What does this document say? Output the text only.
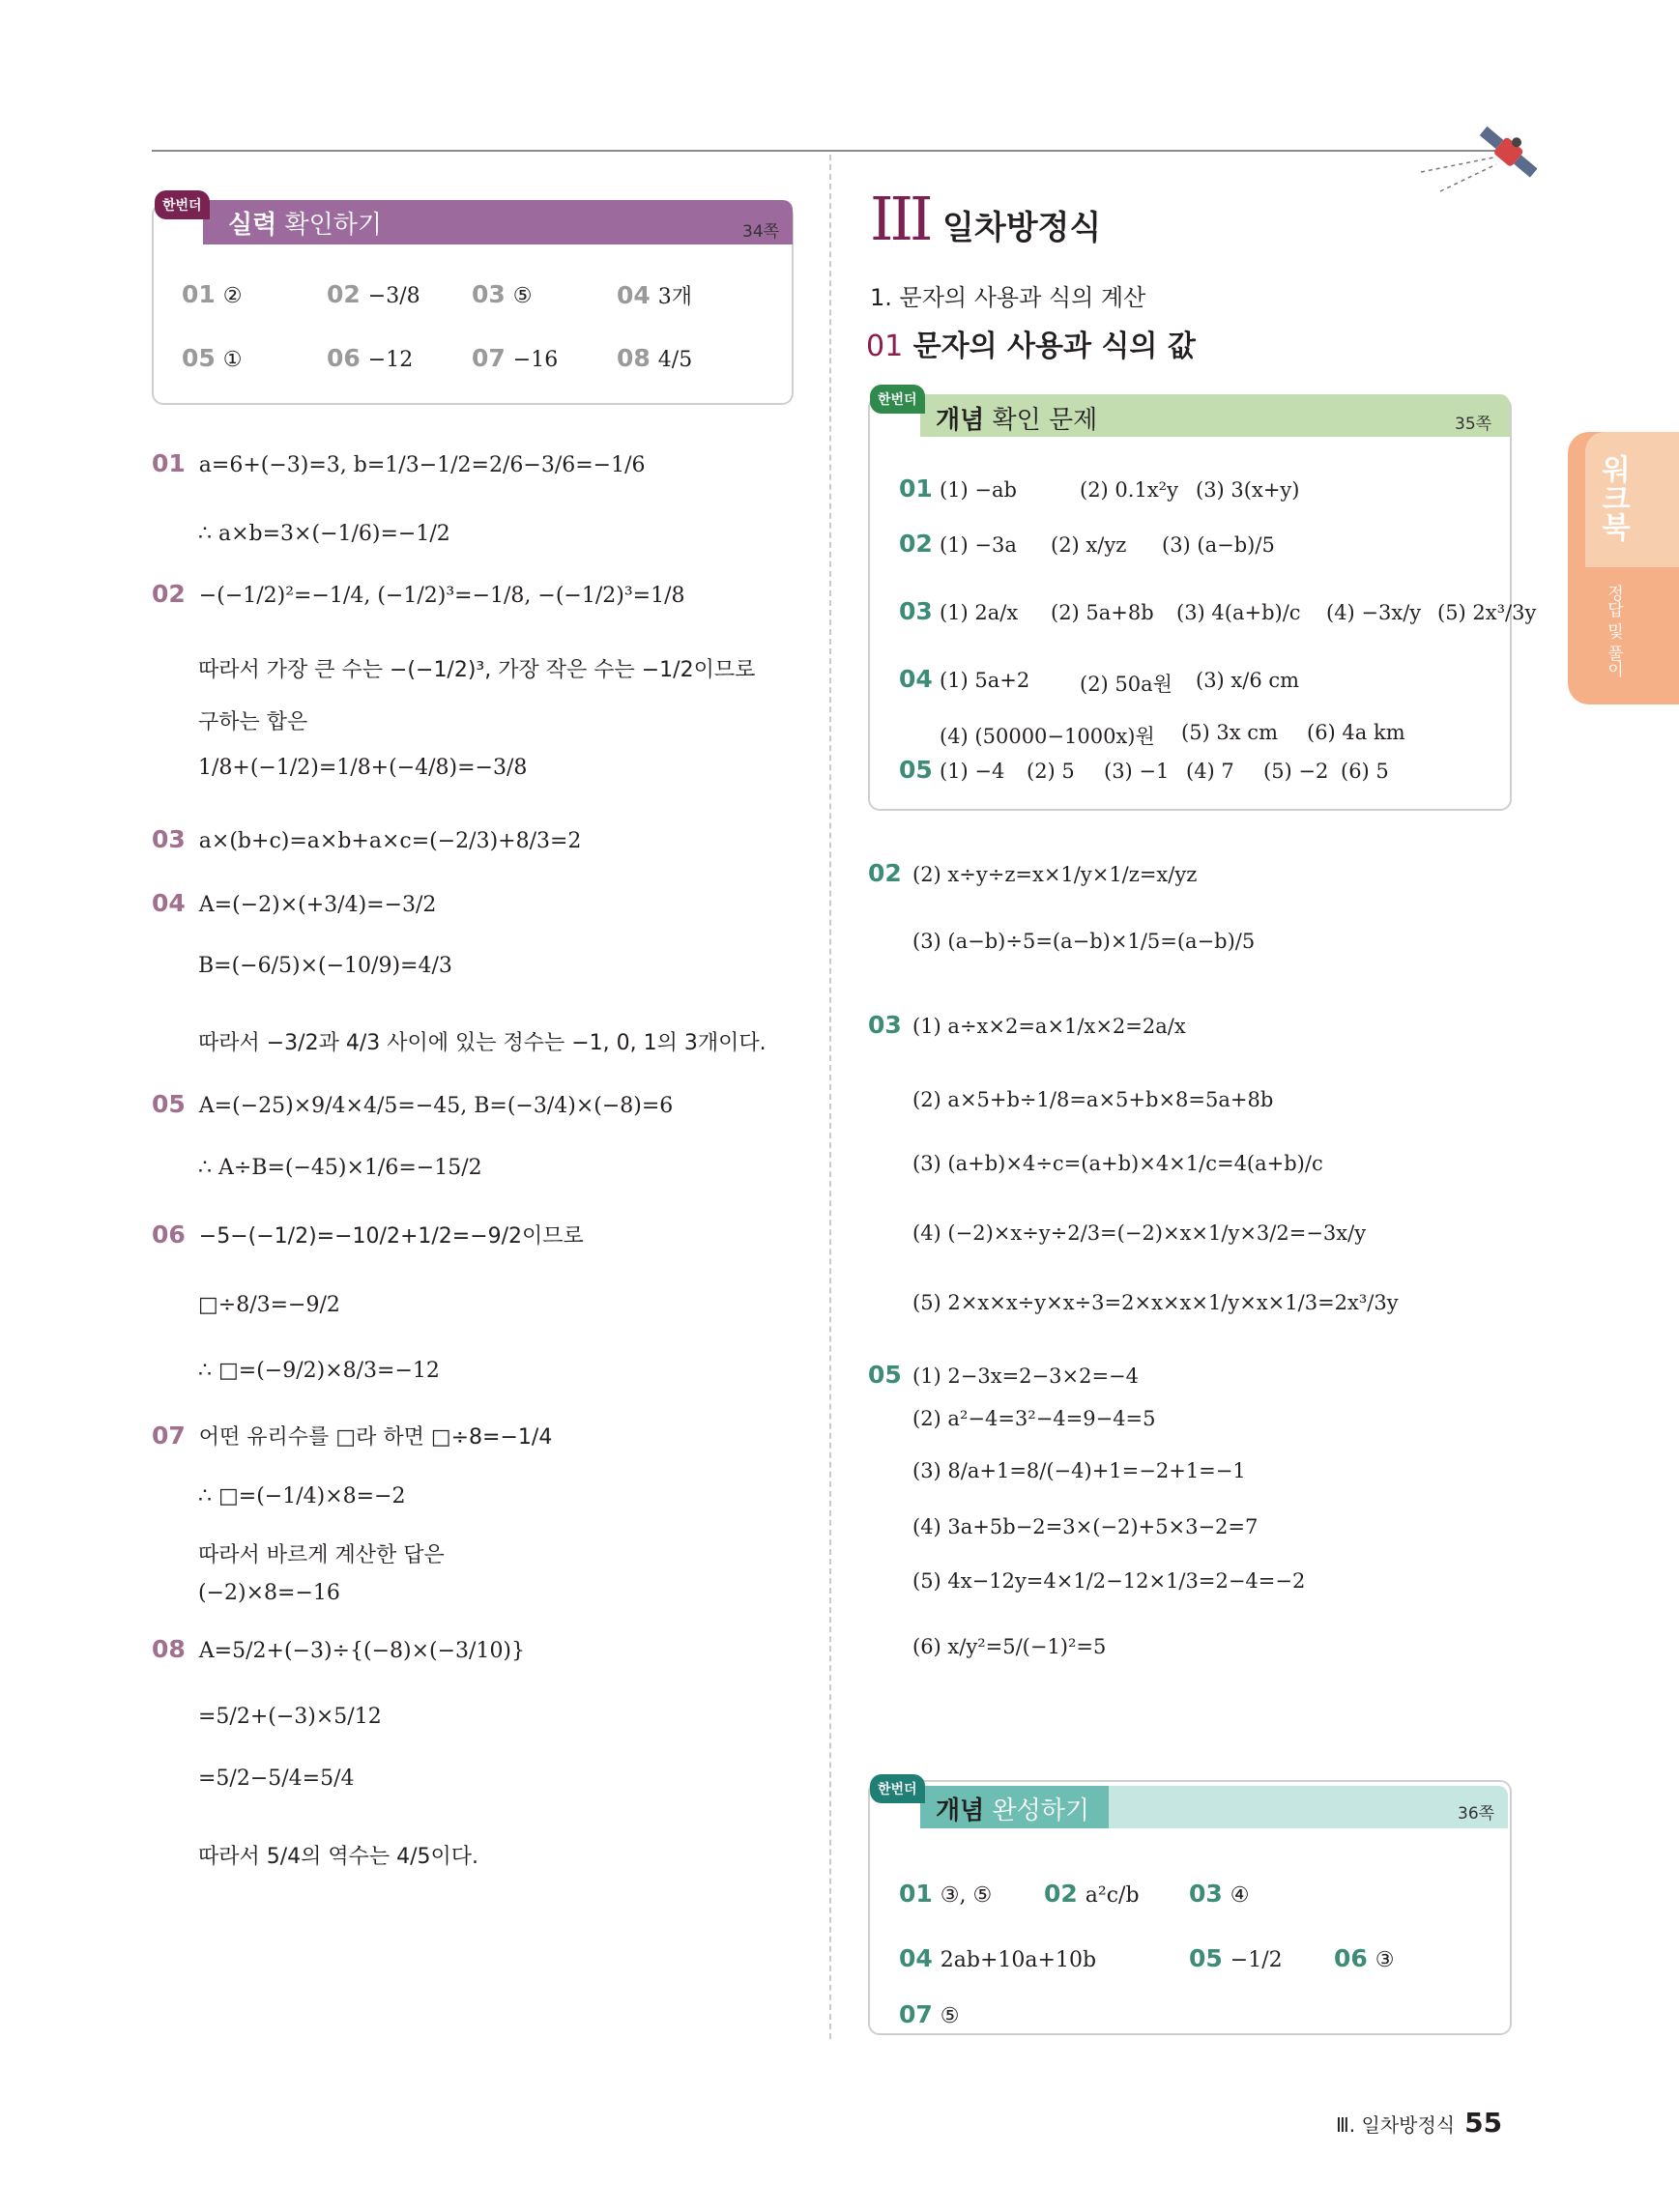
한번더
실력 확인하기	34쪽 III 일차방정식
1. 문자의 사용과 식의 계산
01 문자의 사용과 식의 값
한번더
개념 확인 문제	35쪽
한번더
개념 완성하기	36쪽
워크북
정답 및 풀이
Ⅲ. 일차방정식 55
01 ②	02 −3/8 03 ⑤	04 3개
05 ①	06 −12 07 −16 08 4/5
01 a=6+(−3)=3, b=1/3−1/2=2/6−3/6=−1/6
∴ a×b=3×(−1/6)=−1/2
02 −(−1/2)²=−1/4, (−1/2)³=−1/8, −(−1/2)³=1/8
따라서 가장 큰 수는 −(−1/2)³, 가장 작은 수는 −1/2이므로
구하는 합은
1/8+(−1/2)=1/8+(−4/8)=−3/8
03 a×(b+c)=a×b+a×c=(−2/3)+8/3=2
04 A=(−2)×(+3/4)=−3/2
B=(−6/5)×(−10/9)=4/3
따라서 −3/2과 4/3 사이에 있는 정수는 −1, 0, 1의 3개이다.
05 A=(−25)×9/4×4/5=−45, B=(−3/4)×(−8)=6
∴ A÷B=(−45)×1/6=−15/2
06 −5−(−1/2)=−10/2+1/2=−9/2이므로
□÷8/3=−9/2
∴ □=(−9/2)×8/3=−12
07 어떤 유리수를 □라 하면 □÷8=−1/4
∴ □=(−1/4)×8=−2
따라서 바르게 계산한 답은
(−2)×8=−16
08 A=5/2+(−3)÷{(−8)×(−3/10)}
=5/2+(−3)×5/12
=5/2−5/4=5/4
따라서 5/4의 역수는 4/5이다.
01 (1) −ab	(2) 0.1x²y (3) 3(x+y)
02 (1) −3a (2) x/yz (3) (a−b)/5
03 (1) 2a/x (2) 5a+8b (3) 4(a+b)/c (4) −3x/y (5) 2x³/3y
04 (1) 5a+2 (2) 50a원 (3) x/6 cm
(4) (50000−1000x)원 (5) 3x cm (6) 4a km
05 (1) −4 (2) 5 (3) −1 (4) 7 (5) −2 (6) 5
02 (2) x÷y÷z=x×1/y×1/z=x/yz
(3) (a−b)÷5=(a−b)×1/5=(a−b)/5
03 (1) a÷x×2=a×1/x×2=2a/x
(2) a×5+b÷1/8=a×5+b×8=5a+8b
(3) (a+b)×4÷c=(a+b)×4×1/c=4(a+b)/c
(4) (−2)×x÷y÷2/3=(−2)×x×1/y×3/2=−3x/y
(5) 2×x×x÷y×x÷3=2×x×x×1/y×x×1/3=2x³/3y
05 (1) 2−3x=2−3×2=−4
(2) a²−4=3²−4=9−4=5
(3) 8/a+1=8/(−4)+1=−2+1=−1
(4) 3a+5b−2=3×(−2)+5×3−2=7
(5) 4x−12y=4×1/2−12×1/3=2−4=−2
(6) x/y²=5/(−1)²=5
01 ③, ⑤ 02 a²c/b 03 ④
04 2ab+10a+10b	05 −1/2 06 ③
07 ⑤
